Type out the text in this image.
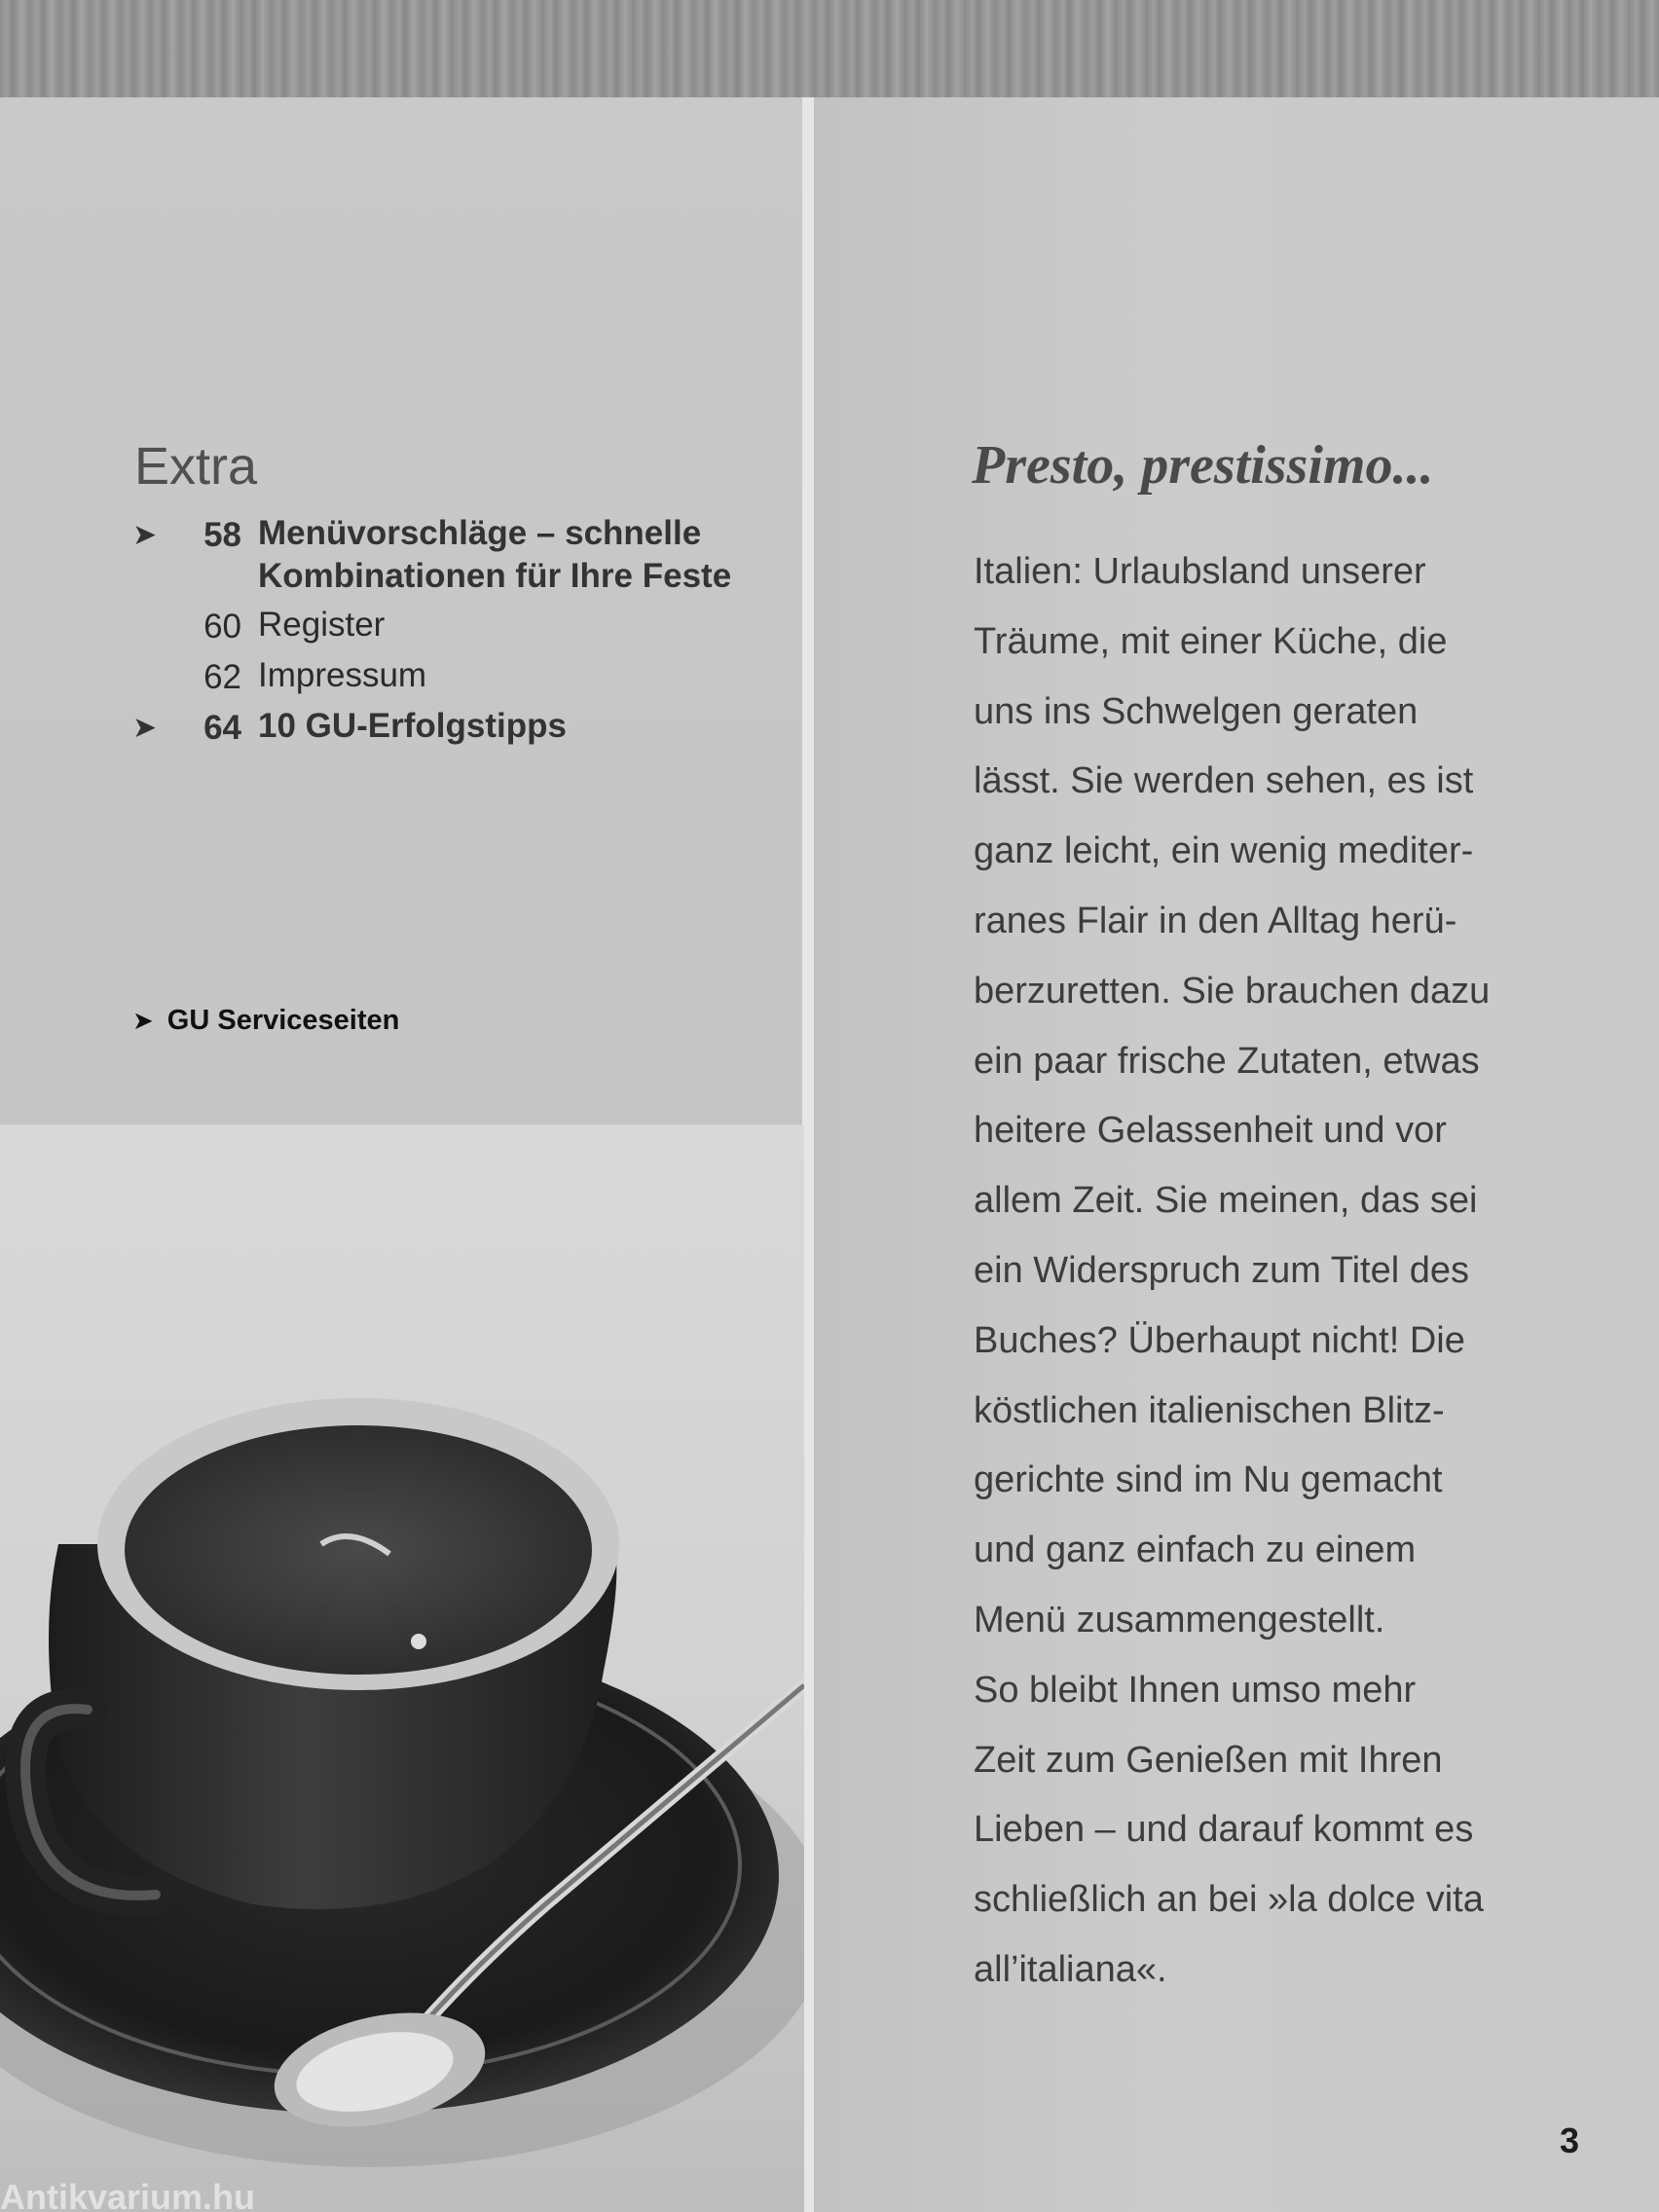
Extra
➤	58 Menüvorschläge – schnelle
Kombinationen für Ihre Feste
60 Register
62 Impressum
➤	64 10 GU-Erfolgstipps
➤ GU Serviceseiten
Antikvarium.hu
Presto, prestissimo...
Italien: Urlaubsland unserer
Träume, mit einer Küche, die
uns ins Schwelgen geraten
lässt. Sie werden sehen, es ist
ganz leicht, ein wenig mediter-
ranes Flair in den Alltag herü-
berzuretten. Sie brauchen dazu
ein paar frische Zutaten, etwas
heitere Gelassenheit und vor
allem Zeit. Sie meinen, das sei
ein Widerspruch zum Titel des
Buches? Überhaupt nicht! Die
köstlichen italienischen Blitz-
gerichte sind im Nu gemacht
und ganz einfach zu einem
Menü zusammengestellt.
So bleibt Ihnen umso mehr
Zeit zum Genießen mit Ihren
Lieben – und darauf kommt es
schließlich an bei »la dolce vita
all’italiana«.
3
